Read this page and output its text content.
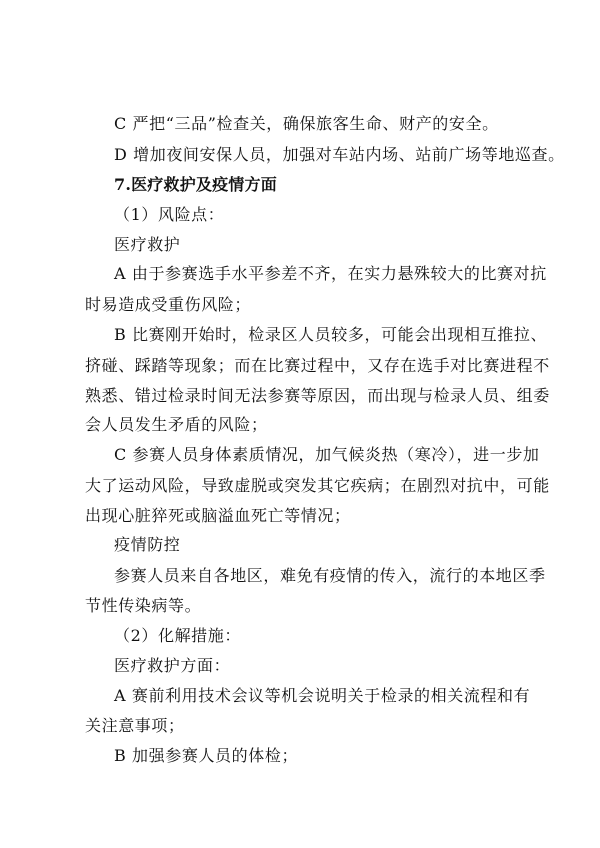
C 严把“三品”检查关，确保旅客生命、财产的安全。
D 增加夜间安保人员，加强对车站内场、站前广场等地巡查。
7.医疗救护及疫情方面
（1）风险点：
医疗救护
A 由于参赛选手水平参差不齐，在实力悬殊较大的比赛对抗
时易造成受重伤风险；
B 比赛刚开始时，检录区人员较多，可能会出现相互推拉、
挤碰、踩踏等现象；而在比赛过程中，又存在选手对比赛进程不
熟悉、错过检录时间无法参赛等原因，而出现与检录人员、组委
会人员发生矛盾的风险；
C 参赛人员身体素质情况，加气候炎热（寒冷），进一步加
大了运动风险，导致虚脱或突发其它疾病；在剧烈对抗中，可能
出现心脏猝死或脑溢血死亡等情况；
疫情防控
参赛人员来自各地区，难免有疫情的传入，流行的本地区季
节性传染病等。
（2）化解措施：
医疗救护方面：
A 赛前利用技术会议等机会说明关于检录的相关流程和有
关注意事项；
B 加强参赛人员的体检；
